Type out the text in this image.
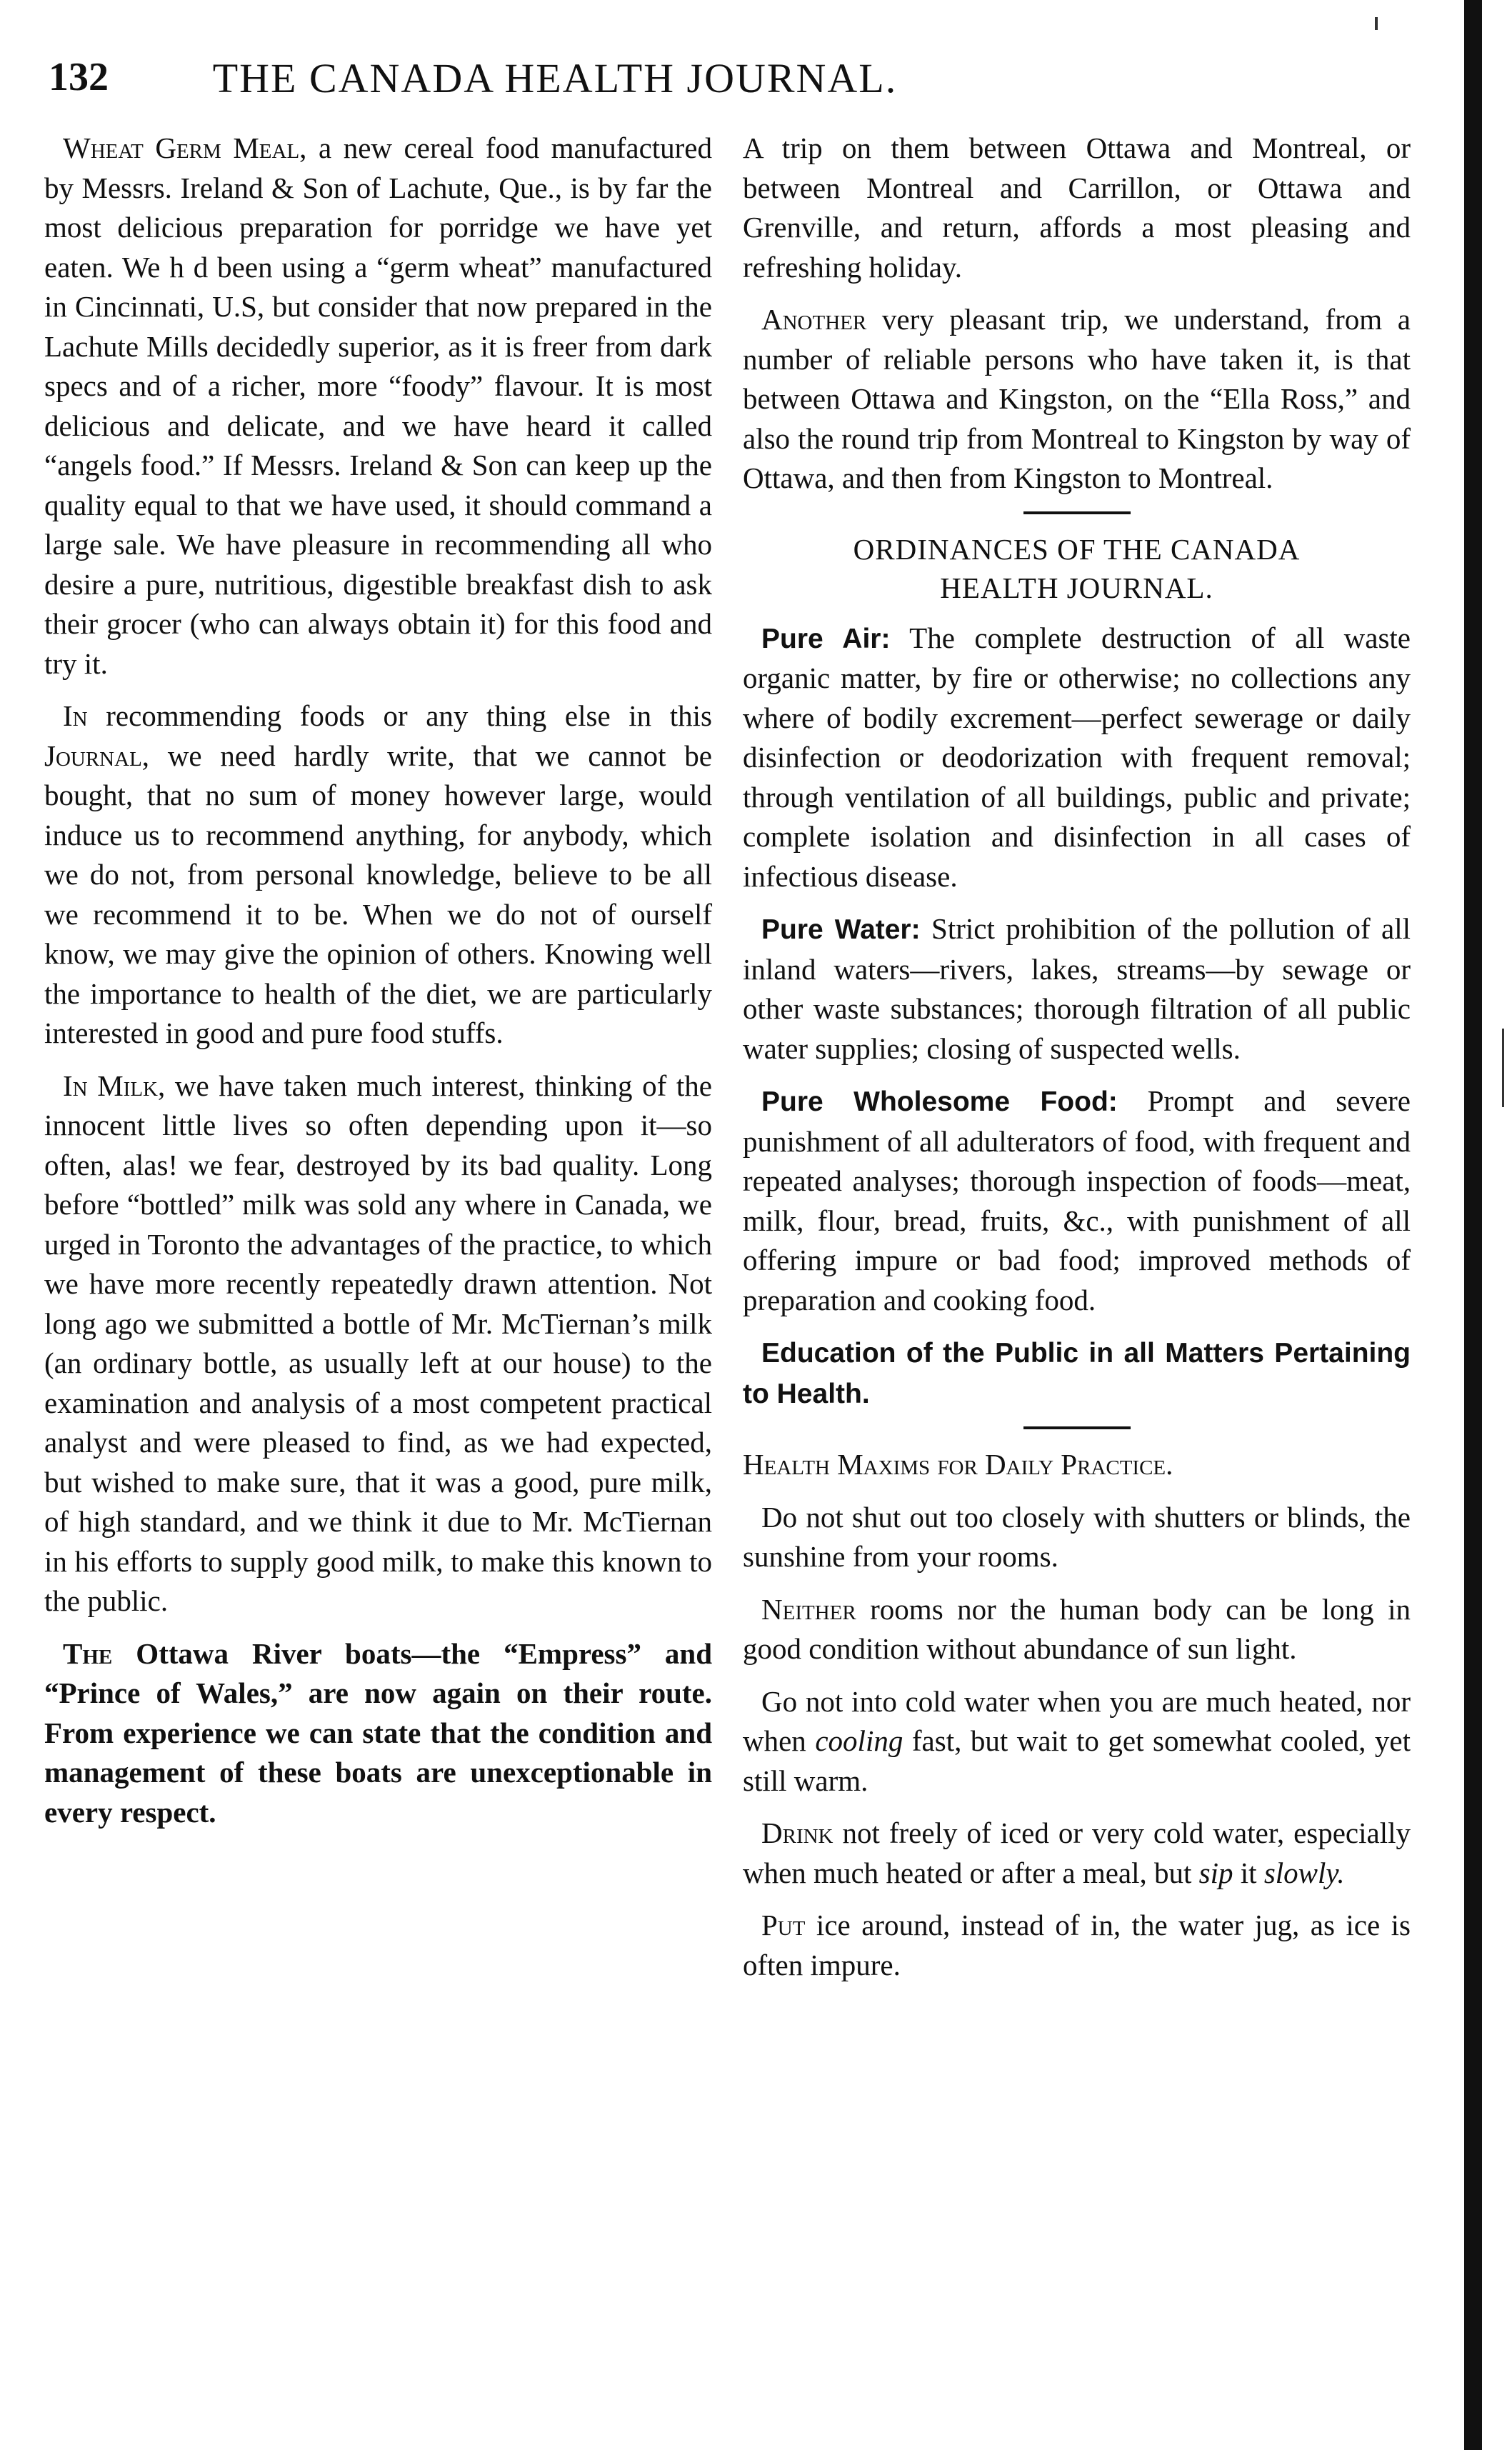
132	THE CANADA HEALTH JOURNAL.

Wheat Germ Meal, a new cereal food manufactured by Messrs. Ireland & Son of Lachute, Que., is by far the most delicious preparation for porridge we have yet eaten. We h d been using a “germ wheat” manufactured in Cincinnati, U.S, but consider that now prepared in the Lachute Mills decidedly superior, as it is freer from dark specs and of a richer, more “foody” flavour. It is most delicious and delicate, and we have heard it called “angels food.” If Messrs. Ireland & Son can keep up the quality equal to that we have used, it should command a large sale. We have pleasure in recommending all who desire a pure, nutritious, digestible breakfast dish to ask their grocer (who can always obtain it) for this food and try it.

In recommending foods or any thing else in this Journal, we need hardly write, that we cannot be bought, that no sum of money however large, would induce us to recommend anything, for anybody, which we do not, from personal knowledge, believe to be all we recommend it to be. When we do not of ourself know, we may give the opinion of others. Knowing well the importance to health of the diet, we are particularly interested in good and pure food stuffs.

In Milk, we have taken much interest, thinking of the innocent little lives so often depending upon it—so often, alas! we fear, destroyed by its bad quality. Long before “bottled” milk was sold any where in Canada, we urged in Toronto the advantages of the practice, to which we have more recently repeatedly drawn attention. Not long ago we submitted a bottle of Mr. McTiernan’s milk (an ordinary bottle, as usually left at our house) to the examination and analysis of a most competent practical analyst and were pleased to find, as we had expected, but wished to make sure, that it was a good, pure milk, of high standard, and we think it due to Mr. McTiernan in his efforts to supply good milk, to make this known to the public.

The Ottawa River boats—the “Empress” and “Prince of Wales,” are now again on their route. From experience we can state that the condition and management of these boats are unexceptionable in every respect.

A trip on them between Ottawa and Montreal, or between Montreal and Carrillon, or Ottawa and Grenville, and return, affords a most pleasing and refreshing holiday.

Another very pleasant trip, we understand, from a number of reliable persons who have taken it, is that between Ottawa and Kingston, on the “Ella Ross,” and also the round trip from Montreal to Kingston by way of Ottawa, and then from Kingston to Montreal.

ORDINANCES OF THE CANADA
HEALTH JOURNAL.

Pure Air: The complete destruction of all waste organic matter, by fire or otherwise; no collections any where of bodily excrement—perfect sewerage or daily disinfection or deodorization with frequent removal; through ventilation of all buildings, public and private; complete isolation and disinfection in all cases of infectious disease.

Pure Water: Strict prohibition of the pollution of all inland waters—rivers, lakes, streams—by sewage or other waste substances; thorough filtration of all public water supplies; closing of suspected wells.

Pure Wholesome Food: Prompt and severe punishment of all adulterators of food, with frequent and repeated analyses; thorough inspection of foods—meat, milk, flour, bread, fruits, &c., with punishment of all offering impure or bad food; improved methods of preparation and cooking food.

Education of the Public in all Matters Pertaining to Health.

Health Maxims for Daily Practice.

Do not shut out too closely with shutters or blinds, the sunshine from your rooms.

Neither rooms nor the human body can be long in good condition without abundance of sun light.

Go not into cold water when you are much heated, nor when cooling fast, but wait to get somewhat cooled, yet still warm.

Drink not freely of iced or very cold water, especially when much heated or after a meal, but sip it slowly.

Put ice around, instead of in, the water jug, as ice is often impure.
